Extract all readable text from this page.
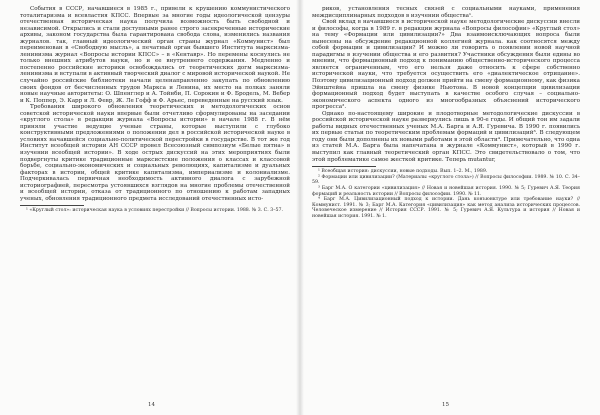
События в СССР, начавшиеся в 1985 г., привели к крушению коммунистического тоталитаризма и всевластия КПСС. Впервые за многие годы идеологической цензуры отечественная историческая наука получила возможность быть свободной и независимой. Открылись и стали доступными ранее строго засекреченные исторические архивы, законом государства была гарантирована свобода слова, изменились названия журналов. так, главный идеологический орган страны журнал «Коммунист» был переименован в «Свободную мысль», а печатный орган бывшего Института марксизма-ленинизма журнал «Вопросы истории КПСС» – в «Кентавр». Но перемены коснулись не только внешних атрибутов науки, но и ее внутреннего содержания. Медленно и постепенно российские историки освобождались от теоретических догм марксизма-ленинизма и вступали в активный творческий диалог с мировой исторической наукой. Не случайно российские библиотеки начали целенаправленно закупать по обновлению своих фондов от бесчисленных трудов Маркса и Ленина, их место на полках заняли новые научные авторитеты: О. Шпенглер и А. Тойнби, П. Сорокин и Ф. Бродель, М. Вебер и К. Поппер, Э. Карр и Л. Февр, Ж. Ле Гофф и Ф. Арьес, переведенные на русский язык.

Требования широкого обновления теоретических и методологических основ советской исторической науки впервые были отчетливо сформулированы на заседании «круглого стола» в редакции журнала «Вопросы истории» в начале 1988 г. В нём приняли участие ведущие ученые страны, которые выступили с глубоко конструктивными предложениями о положении дел в российской исторической науке в условиях начавшейся социально-политической перестройки в государстве. В тот же год Институт всеобщей истории АН СССР провел Всесоюзный симпозиум «Белые пятна» в изучении всеобщей истории». В ходе острых дискуссий на этих мероприятиях были подвергнуты критике традиционные марксистские положения о классах и классовой борьбе, социально-экономических и социальных революциях, капитализме и дуальных факторах в истории, общей критике капитализма, империализме и колониализме. Подчеркивалась первичная необходимость активного диалога с зарубежной историографией, пересмотра устоявшихся взглядов на многие проблемы отечественной и всеобщей истории, отказа от традиционного по отношению к работам западных ученых, обновления традиционного предмета исследований отечественных исто-

¹ «Круглый стол»: историческая наука в условиях перестройки // Вопросы истории. 1988. № 3. С. 3–57.

14

риков, установления тесных связей с социальными науками, применения междисциплинарных подходов в изучении общества¹.

Свой вклад в начавшиеся в исторической науке методологические дискуссии внесли и философы, когда в 1989 г. в редакции журнала «Вопросы философии» «Круглый стол» на тему «Формации или цивилизации?» Два взаимоисключающих вопроса были вынесены на обсуждение редакционной коллегией журнала. как соотносятся между собой формации и цивилизации? И можно ли говорить о появлении новой научной парадигмы в изучении общества и его развития? Участники обсуждения были едины во мнении, что формационный подход к пониманию общественно-исторического процесса является ограниченным, что его нельзя даже относить к сфере собственно исторической науки, что требуется осуществить его «диалектическое отрицание». Поэтому цивилизационный подход должен прийти на смену формационному, как физика Эйнштейна пришла на смену физике Ньютона. В новой концепции цивилизации формационный подход будет выступать в качестве особого случая – социально-экономического аспекта одного из многообразных объяснений исторического прогресса².

Однако по-настоящему широкие и плодотворные методологические дискуссии в российской исторической науке развернулись лишь в 90-е годы. И общий тон им задали работы видных отечественных ученых М.А. Барга и А.Я. Гуревича. В 1990 г. появились их первые статьи по теоретическим проблемам формаций и цивилизаций³. В следующем году они были дополнены их новыми работами в этой области⁴. Примечательно, что одна из статей М.А. Барга была напечатана в журнале «Коммунист», который в 1990 г. выступил как главный теоретический орган КПСС. Это свидетельствовало о том, что этой проблематике самое жесткой критике. Теперь mutantur,

¹ Всеобщая история: дискуссии, новые подходы. Вып. 1–2. М., 1989.

² Формации или цивилизации? (Материалы «круглого стола») // Вопросы философии. 1989. № 10. С. 34–59.

³ Барг М.А. О категории «цивилизация» // Новая и новейшая история. 1990. № 5; Гуревич А.Я. Теория формаций и реальность истории // Вопросы философии. 1990. № 11.

⁴ Барг М.А. Цивилизационный подход к истории. Дань конъюнктуре или требование науки? // Коммунист. 1991. № 3; Барг М.А. Категория «цивилизация» как метод анализа исторических процессов. Человеческое измерение // История СССР. 1991. № 5; Гуревич А.Я. Культура и история // Новая и новейшая история. 1991. № 1.

15
